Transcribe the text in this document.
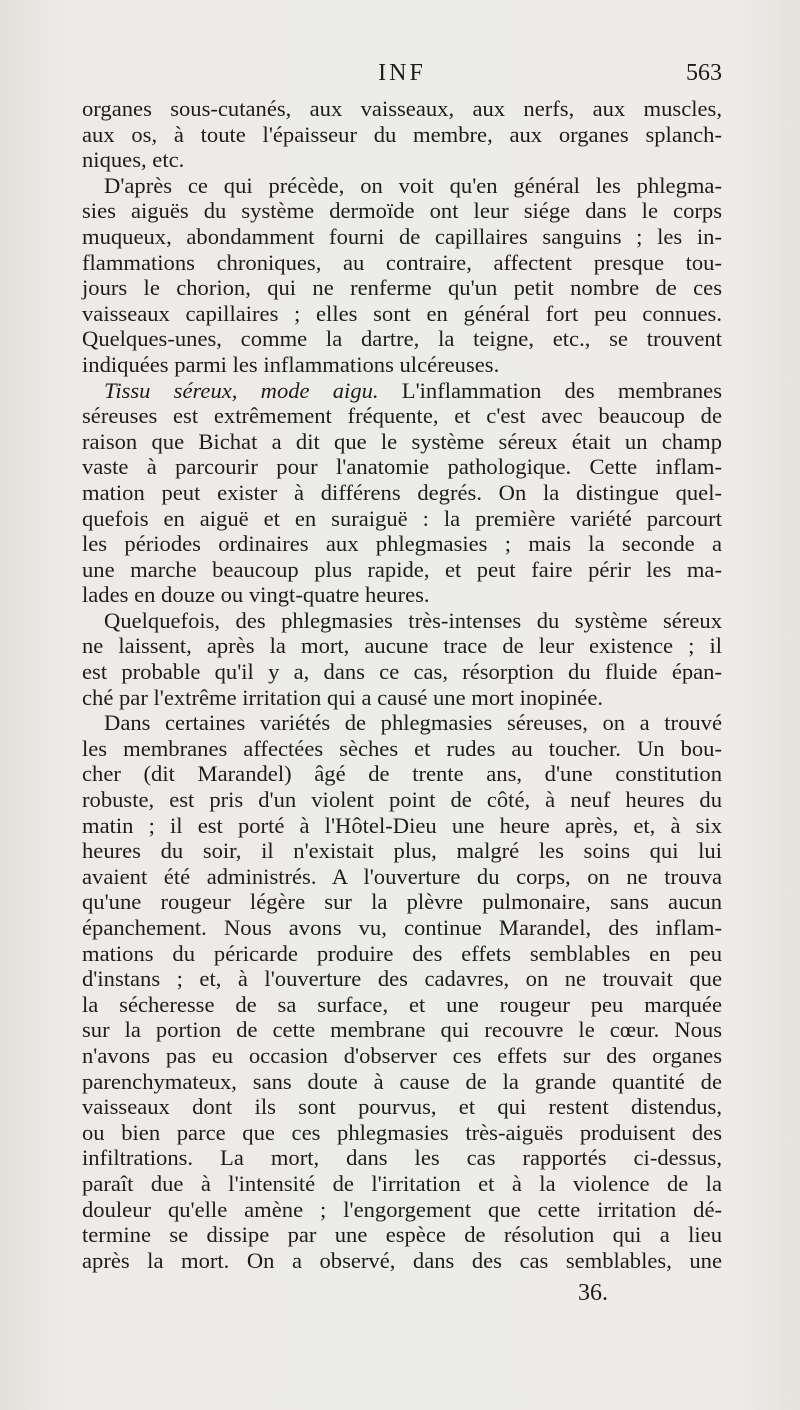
INF	563
organes sous-cutanés, aux vaisseaux, aux nerfs, aux muscles,
aux os, à toute l'épaisseur du membre, aux organes splanch-
niques, etc.
D'après ce qui précède, on voit qu'en général les phlegma-
sies aiguës du système dermoïde ont leur siége dans le corps
muqueux, abondamment fourni de capillaires sanguins ; les in-
flammations chroniques, au contraire, affectent presque tou-
jours le chorion, qui ne renferme qu'un petit nombre de ces
vaisseaux capillaires ; elles sont en général fort peu connues.
Quelques-unes, comme la dartre, la teigne, etc., se trouvent
indiquées parmi les inflammations ulcéreuses.
Tissu séreux, mode aigu. L'inflammation des membranes
séreuses est extrêmement fréquente, et c'est avec beaucoup de
raison que Bichat a dit que le système séreux était un champ
vaste à parcourir pour l'anatomie pathologique. Cette inflam-
mation peut exister à différens degrés. On la distingue quel-
quefois en aiguë et en suraiguë : la première variété parcourt
les périodes ordinaires aux phlegmasies ; mais la seconde a
une marche beaucoup plus rapide, et peut faire périr les ma-
lades en douze ou vingt-quatre heures.
Quelquefois, des phlegmasies très-intenses du système séreux
ne laissent, après la mort, aucune trace de leur existence ; il
est probable qu'il y a, dans ce cas, résorption du fluide épan-
ché par l'extrême irritation qui a causé une mort inopinée.
Dans certaines variétés de phlegmasies séreuses, on a trouvé
les membranes affectées sèches et rudes au toucher. Un bou-
cher (dit Marandel) âgé de trente ans, d'une constitution
robuste, est pris d'un violent point de côté, à neuf heures du
matin ; il est porté à l'Hôtel-Dieu une heure après, et, à six
heures du soir, il n'existait plus, malgré les soins qui lui
avaient été administrés. A l'ouverture du corps, on ne trouva
qu'une rougeur légère sur la plèvre pulmonaire, sans aucun
épanchement. Nous avons vu, continue Marandel, des inflam-
mations du péricarde produire des effets semblables en peu
d'instans ; et, à l'ouverture des cadavres, on ne trouvait que
la sécheresse de sa surface, et une rougeur peu marquée
sur la portion de cette membrane qui recouvre le cœur. Nous
n'avons pas eu occasion d'observer ces effets sur des organes
parenchymateux, sans doute à cause de la grande quantité de
vaisseaux dont ils sont pourvus, et qui restent distendus,
ou bien parce que ces phlegmasies très-aiguës produisent des
infiltrations. La mort, dans les cas rapportés ci-dessus,
paraît due à l'intensité de l'irritation et à la violence de la
douleur qu'elle amène ; l'engorgement que cette irritation dé-
termine se dissipe par une espèce de résolution qui a lieu
après la mort. On a observé, dans des cas semblables, une
36.
